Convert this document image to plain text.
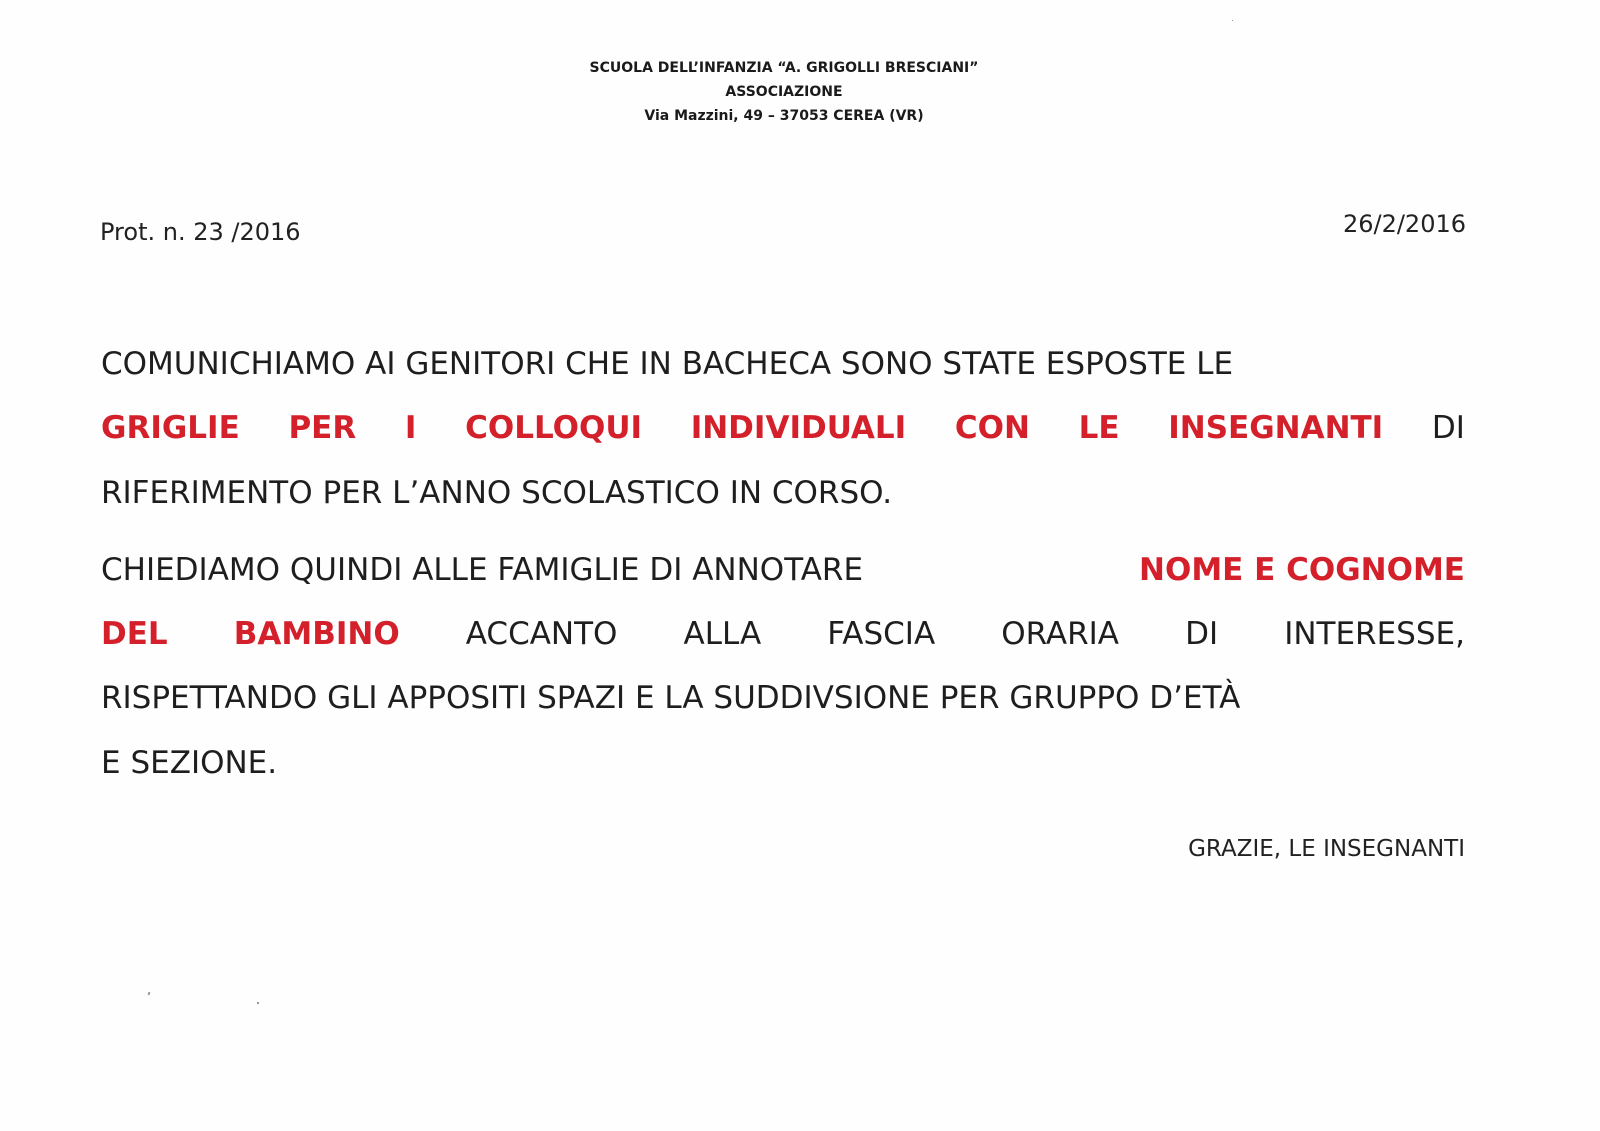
SCUOLA DELL’INFANZIA “A. GRIGOLLI BRESCIANI”
ASSOCIAZIONE
Via Mazzini, 49 – 37053 CEREA (VR)
Prot. n. 23 /2016	26/2/2016
COMUNICHIAMO AI GENITORI CHE IN BACHECA SONO STATE ESPOSTE LE
GRIGLIE PER I COLLOQUI INDIVIDUALI CON LE INSEGNANTI DI
RIFERIMENTO PER L’ANNO SCOLASTICO IN CORSO.
CHIEDIAMO QUINDI ALLE FAMIGLIE DI ANNOTARE	NOME E COGNOME
DEL BAMBINO ACCANTO ALLA FASCIA ORARIA DI INTERESSE,
RISPETTANDO GLI APPOSITI SPAZI E LA SUDDIVSIONE PER GRUPPO D’ETÀ
E SEZIONE.
GRAZIE, LE INSEGNANTI
